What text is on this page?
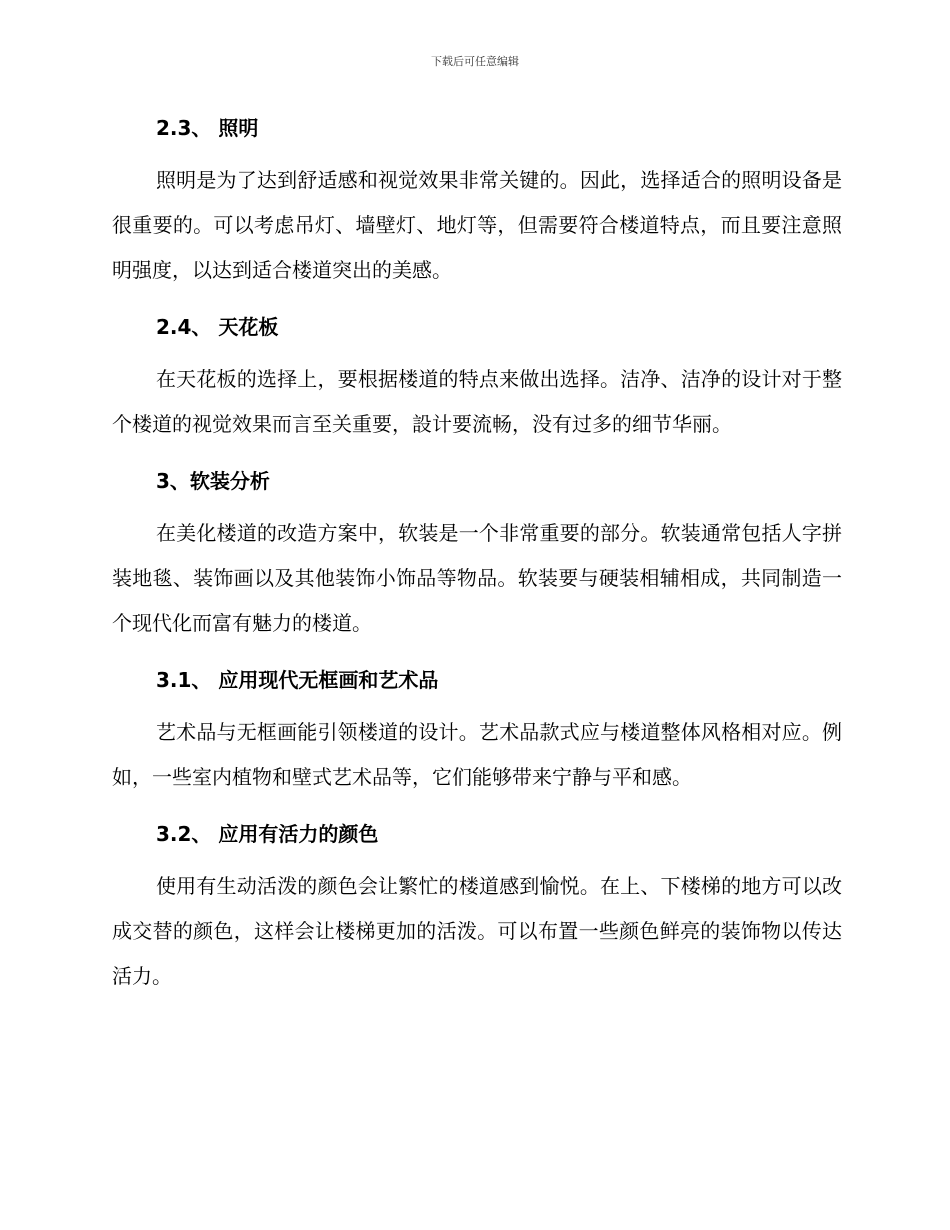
下载后可任意编辑
2.3、 照明

照明是为了达到舒适感和视觉效果非常关键的。因此，选择适合的照明设备是很重要的。可以考虑吊灯、墙壁灯、地灯等，但需要符合楼道特点，而且要注意照明强度，以达到适合楼道突出的美感。

2.4、 天花板

在天花板的选择上，要根据楼道的特点来做出选择。洁净、洁净的设计对于整个楼道的视觉效果而言至关重要，設计要流畅，没有过多的细节华丽。

3、软装分析

在美化楼道的改造方案中，软装是一个非常重要的部分。软装通常包括人字拼装地毯、装饰画以及其他装饰小饰品等物品。软装要与硬装相辅相成，共同制造一个现代化而富有魅力的楼道。

3.1、 应用现代无框画和艺术品

艺术品与无框画能引领楼道的设计。艺术品款式应与楼道整体风格相对应。例如，一些室内植物和壁式艺术品等，它们能够带来宁静与平和感。

3.2、 应用有活力的颜色

使用有生动活泼的颜色会让繁忙的楼道感到愉悦。在上、下楼梯的地方可以改成交替的颜色，这样会让楼梯更加的活泼。可以布置一些颜色鲜亮的装饰物以传达活力。
